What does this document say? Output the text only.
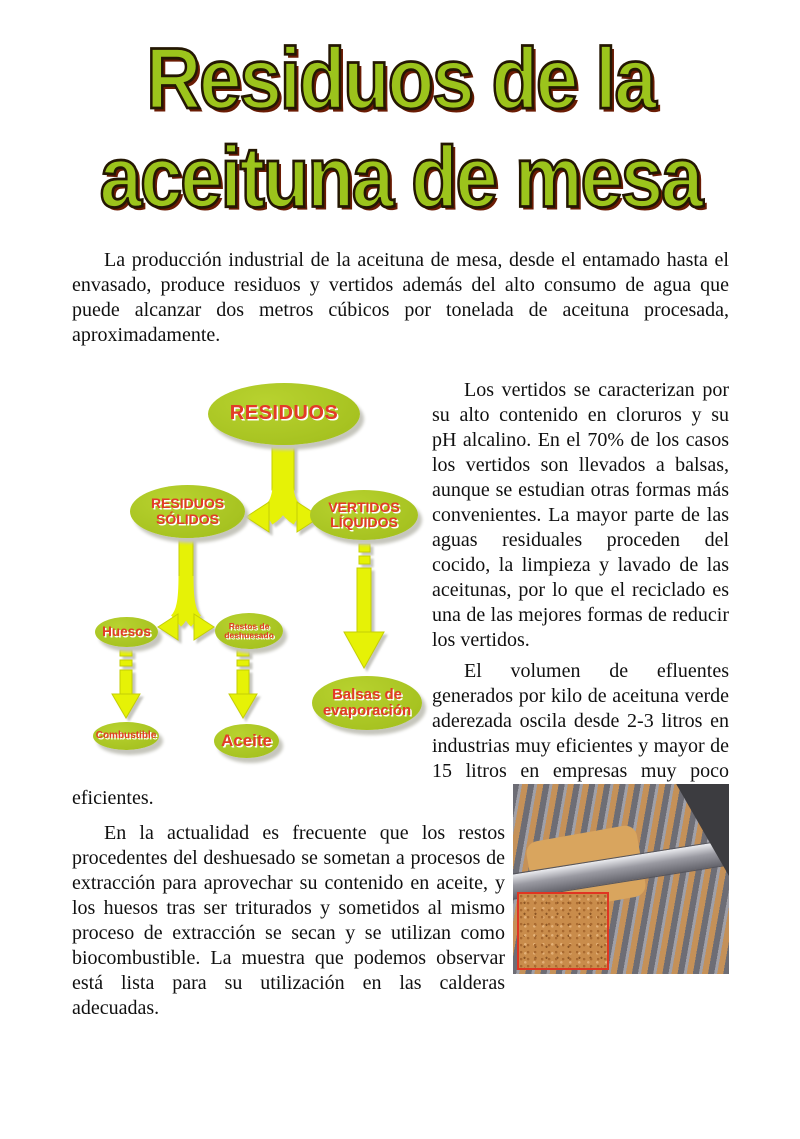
Residuos de la
aceituna de mesa
La producción industrial de la aceituna de mesa, desde el entamado hasta el envasado, produce residuos y vertidos además del alto consumo de agua que puede alcanzar dos metros cúbicos por tonelada de aceituna procesada, aproximadamente.
RESIDUOS
RESIDUOS SÓLIDOS
VERTIDOS LÍQUIDOS
Huesos	Restos de deshuesado
Combustible	Aceite
Balsas de evaporación
Los vertidos se caracterizan por su alto contenido en cloruros y su pH alcalino. En el 70% de los casos los vertidos son llevados a balsas, aunque se estudian otras formas más convenientes. La mayor parte de las aguas residuales proceden del cocido, la limpieza y lavado de las aceitunas, por lo que el reciclado es una de las mejores formas de reducir los vertidos.
El volumen de efluentes generados por kilo de aceituna verde aderezada oscila desde 2-3 litros en industrias muy eficientes y mayor de 15 litros en empresas muy poco eficientes.
En la actualidad es frecuente que los restos procedentes del deshuesado se sometan a procesos de extracción para aprovechar su contenido en aceite, y los huesos tras ser triturados y sometidos al mismo proceso de extracción se secan y se utilizan como biocombustible. La muestra que podemos observar está lista para su utilización en las calderas adecuadas.
